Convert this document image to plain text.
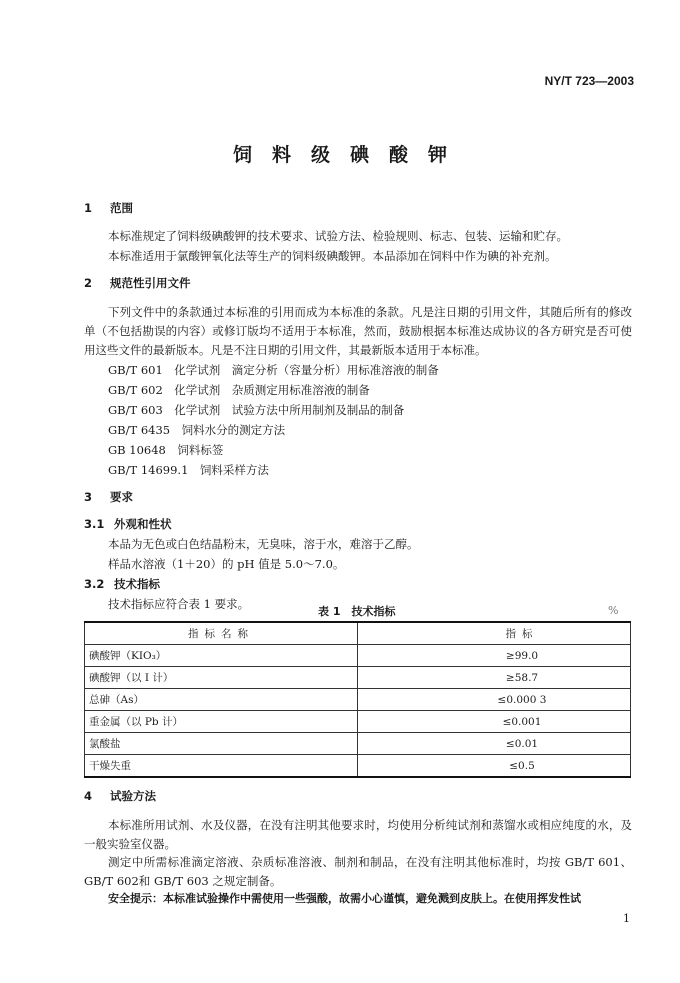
NY/T 723—2003
饲料级碘酸钾
1 范围
本标准规定了饲料级碘酸钾的技术要求、试验方法、检验规则、标志、包装、运输和贮存。
本标准适用于氯酸钾氧化法等生产的饲料级碘酸钾。本品添加在饲料中作为碘的补充剂。
2 规范性引用文件
下列文件中的条款通过本标准的引用而成为本标准的条款。凡是注日期的引用文件，其随后所有的修改单（不包括勘误的内容）或修订版均不适用于本标准，然而，鼓励根据本标准达成协议的各方研究是否可使用这些文件的最新版本。凡是不注日期的引用文件，其最新版本适用于本标准。
GB/T 601　化学试剂　滴定分析（容量分析）用标准溶液的制备
GB/T 602　化学试剂　杂质测定用标准溶液的制备
GB/T 603　化学试剂　试验方法中所用制剂及制品的制备
GB/T 6435　饲料水分的测定方法
GB 10648　饲料标签
GB/T 14699.1　饲料采样方法
3 要求
3.1 外观和性状
本品为无色或白色结晶粉末，无臭味，溶于水，难溶于乙醇。
样品水溶液（1＋20）的 pH 值是 5.0～7.0。
3.2 技术指标
技术指标应符合表 1 要求。
表 1　技术指标	%
指标名称	指标
碘酸钾（KIO₃）	≥99.0
碘酸钾（以 I 计）	≥58.7
总砷（As）	≤0.000 3
重金属（以 Pb 计）	≤0.001
氯酸盐	≤0.01
干燥失重	≤0.5
4 试验方法
本标准所用试剂、水及仪器，在没有注明其他要求时，均使用分析纯试剂和蒸馏水或相应纯度的水，及一般实验室仪器。
测定中所需标准滴定溶液、杂质标准溶液、制剂和制品，在没有注明其他标准时，均按 GB/T 601、GB/T 602和 GB/T 603 之规定制备。
安全提示：本标准试验操作中需使用一些强酸，故需小心谨慎，避免溅到皮肤上。在使用挥发性试
1
